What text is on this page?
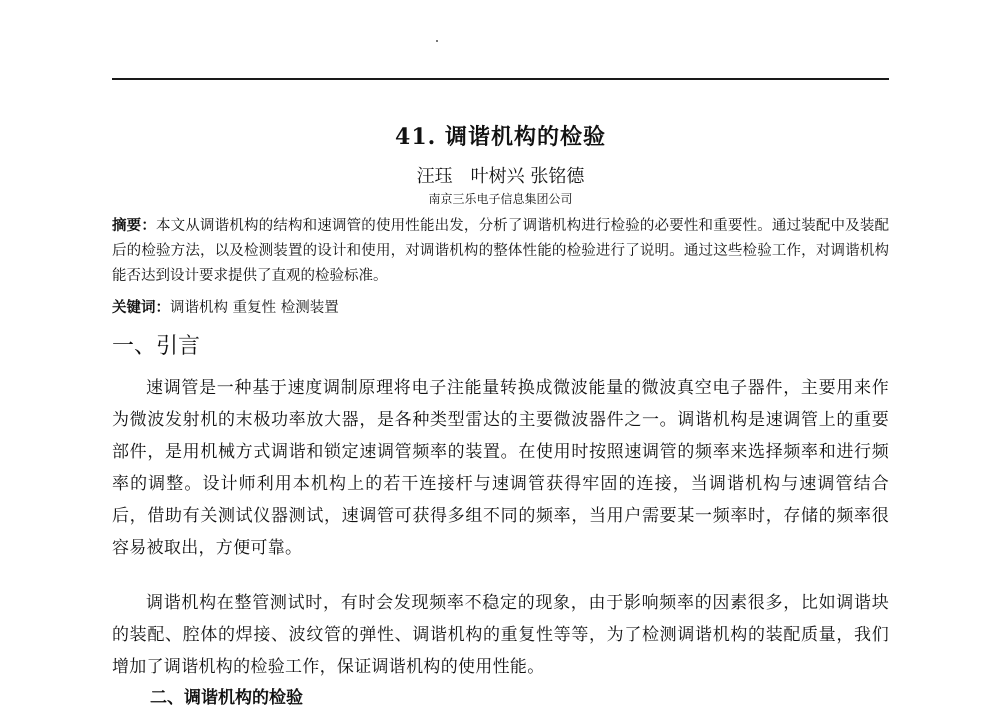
41. 调谐机构的检验
汪珏　叶树兴 张铭德
南京三乐电子信息集团公司
摘要：本文从调谐机构的结构和速调管的使用性能出发，分析了调谐机构进行检验的必要性和重要性。通过装配中及装配后的检验方法，以及检测装置的设计和使用，对调谐机构的整体性能的检验进行了说明。通过这些检验工作，对调谐机构能否达到设计要求提供了直观的检验标准。
关键词：调谐机构 重复性 检测装置
一、引言
速调管是一种基于速度调制原理将电子注能量转换成微波能量的微波真空电子器件，主要用来作为微波发射机的末极功率放大器，是各种类型雷达的主要微波器件之一。调谐机构是速调管上的重要部件，是用机械方式调谐和锁定速调管频率的装置。在使用时按照速调管的频率来选择频率和进行频率的调整。设计师利用本机构上的若干连接杆与速调管获得牢固的连接，当调谐机构与速调管结合后，借助有关测试仪器测试，速调管可获得多组不同的频率，当用户需要某一频率时，存储的频率很容易被取出，方便可靠。
调谐机构在整管测试时，有时会发现频率不稳定的现象，由于影响频率的因素很多，比如调谐块的装配、腔体的焊接、波纹管的弹性、调谐机构的重复性等等，为了检测调谐机构的装配质量，我们增加了调谐机构的检验工作，保证调谐机构的使用性能。
二、调谐机构的检验
